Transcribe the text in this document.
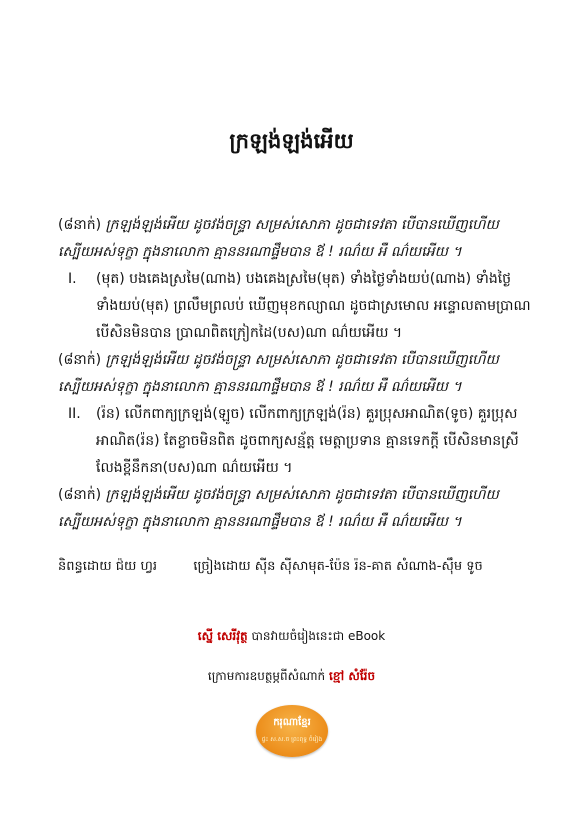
ក្រឡង់ឡង់អើយ
(៨នាក់) ក្រឡង់ឡង់អើយ ដូចវង់ចន្ទ្រា សម្រស់សោភា ដូចជាទេវតា បើបានឃើញហើយ ស្បើយអស់ទុក្ខា ក្នុងនាលោកា គ្មាននរណាផ្ទឹមបាន ឪ ! រណ៌យ អឺ ណ៌យអើយ ។
I. (មុត) បងគេងស្រមៃ(ណាង) បងគេងស្រមៃ(មុត) ទាំងថ្ងៃទាំងយប់(ណាង) ទាំងថ្ងៃទាំងយប់(មុត) ព្រលឹមព្រលប់ ឃើញមុខកល្យាណ ដូចជាស្រមោល អន្ទោលតាមប្រាណ បើសិនមិនបាន ប្រាណពិតក្រៀកដៃ(បស)ណា ណ៌យអើយ ។
(៨នាក់) ក្រឡង់ឡង់អើយ ដូចវង់ចន្ទ្រា សម្រស់សោភា ដូចជាទេវតា បើបានឃើញហើយ ស្បើយអស់ទុក្ខា ក្នុងនាលោកា គ្មាននរណាផ្ទឹមបាន ឪ ! រណ៌យ អឺ ណ៌យអើយ ។
II. (រ៉ន) លើកពាក្យក្រឡង់(ឡូច) លើកពាក្យក្រឡង់(រ៉ន) គួរប្រុសអាណិត(ទូច) គួរប្រុសអាណិត(រ៉ន) តែខ្លាចមិនពិត ដូចពាក្យសន្ម័ត្ត មេត្តាប្រទាន គ្មានទេកក្តី បើសិនមានស្រីលែងខ្ពីនឹកនា(បស)ណា ណ៌យអើយ ។
(៨នាក់) ក្រឡង់ឡង់អើយ ដូចវង់ចន្ទ្រា សម្រស់សោភា ដូចជាទេវតា បើបានឃើញហើយ ស្បើយអស់ទុក្ខា ក្នុងនាលោកា គ្មាននរណាផ្ទឹមបាន ឪ ! រណ៌យ អឺ ណ៌យអើយ ។
និពន្ធដោយ ជ៉យ ហ្វរ	ច្រៀងដោយ ស៊ីន ស៊ីសាមុត-ប៉ែន រ៉ន-គាត សំណាង-ស៊ឹម ទូច
ស្នើ សេរីវុត្ថ បានវាយចំរៀងនេះជា eBook
ក្រោមការឧបត្ថម្ភពីសំណាក់ ខ្មៅ សំរ៉ែច
ករុណាខ្មែរ
ផ្ទះ ស.ស.ច ព្រះពុទ្ធ ចំរៀង
